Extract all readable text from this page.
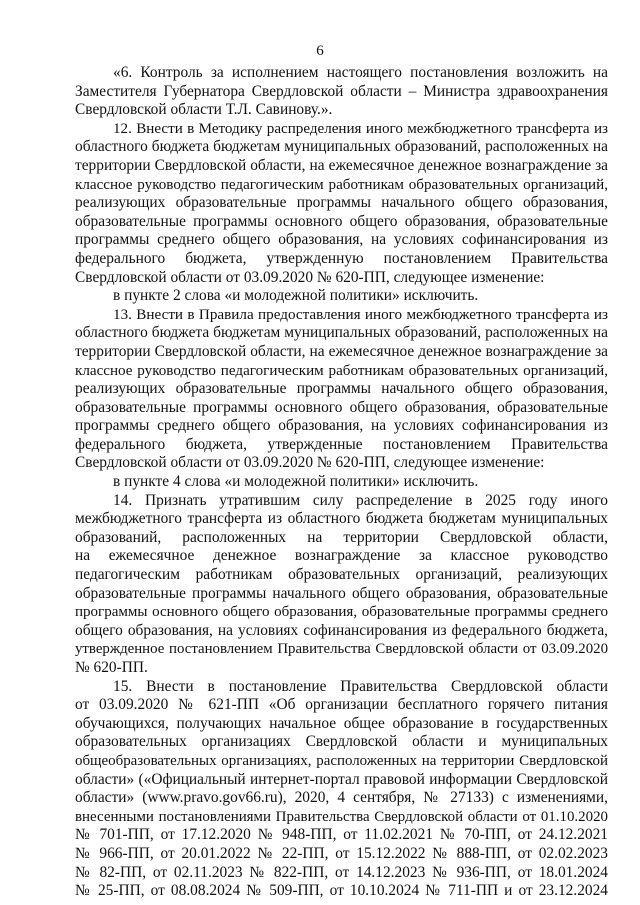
6
«6. Контроль за исполнением настоящего постановления возложить на
Заместителя Губернатора Свердловской области – Министра здравоохранения
Свердловской области Т.Л. Савинову.».
12. Внести в Методику распределения иного межбюджетного трансферта из
областного бюджета бюджетам муниципальных образований, расположенных на
территории Свердловской области, на ежемесячное денежное вознаграждение за
классное руководство педагогическим работникам образовательных организаций,
реализующих образовательные программы начального общего образования,
образовательные программы основного общего образования, образовательные
программы среднего общего образования, на условиях софинансирования из
федерального бюджета, утвержденную постановлением Правительства
Свердловской области от 03.09.2020 № 620-ПП, следующее изменение:
в пункте 2 слова «и молодежной политики» исключить.
13. Внести в Правила предоставления иного межбюджетного трансферта из
областного бюджета бюджетам муниципальных образований, расположенных на
территории Свердловской области, на ежемесячное денежное вознаграждение за
классное руководство педагогическим работникам образовательных организаций,
реализующих образовательные программы начального общего образования,
образовательные программы основного общего образования, образовательные
программы среднего общего образования, на условиях софинансирования из
федерального бюджета, утвержденные постановлением Правительства
Свердловской области от 03.09.2020 № 620-ПП, следующее изменение:
в пункте 4 слова «и молодежной политики» исключить.
14. Признать утратившим силу распределение в 2025 году иного
межбюджетного трансферта из областного бюджета бюджетам муниципальных
образований, расположенных на территории Свердловской области,
на ежемесячное денежное вознаграждение за классное руководство
педагогическим работникам образовательных организаций, реализующих
образовательные программы начального общего образования, образовательные
программы основного общего образования, образовательные программы среднего
общего образования, на условиях софинансирования из федерального бюджета,
утвержденное постановлением Правительства Свердловской области от 03.09.2020
№ 620-ПП.
15. Внести в постановление Правительства Свердловской области
от 03.09.2020 № 621-ПП «Об организации бесплатного горячего питания
обучающихся, получающих начальное общее образование в государственных
образовательных организациях Свердловской области и муниципальных
общеобразовательных организациях, расположенных на территории Свердловской
области» («Официальный интернет-портал правовой информации Свердловской
области» (www.pravo.gov66.ru), 2020, 4 сентября, № 27133) с изменениями,
внесенными постановлениями Правительства Свердловской области от 01.10.2020
№ 701-ПП, от 17.12.2020 № 948-ПП, от 11.02.2021 № 70-ПП, от 24.12.2021
№ 966-ПП, от 20.01.2022 № 22-ПП, от 15.12.2022 № 888-ПП, от 02.02.2023
№ 82-ПП, от 02.11.2023 № 822-ПП, от 14.12.2023 № 936-ПП, от 18.01.2024
№ 25-ПП, от 08.08.2024 № 509-ПП, от 10.10.2024 № 711-ПП и от 23.12.2024
